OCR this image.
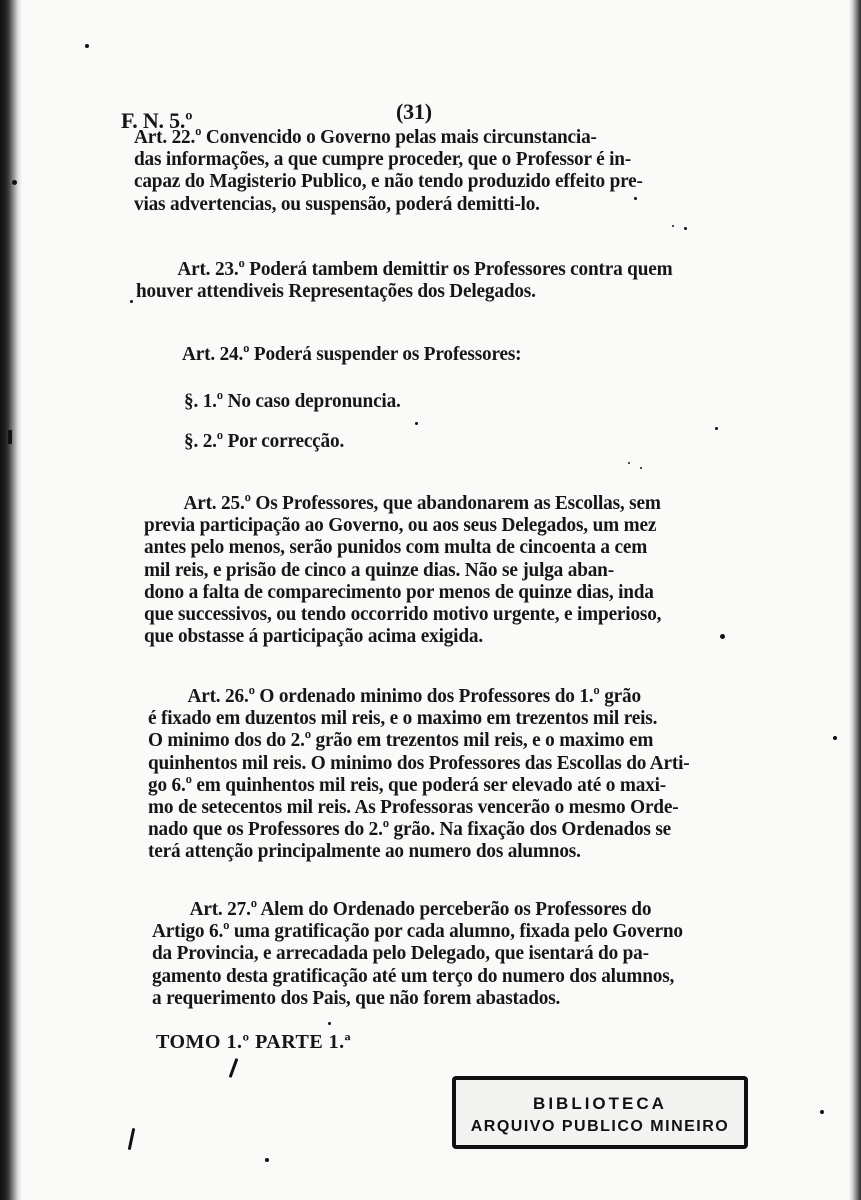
F. N. 5.º	(31)
Art. 22.º Convencido o Governo pelas mais circunstancia-
das informações, a que cumpre proceder, que o Professor é in-
capaz do Magisterio Publico, e não tendo produzido effeito pre-
vias advertencias, ou suspensão, poderá demitti-lo.
Art. 23.º Poderá tambem demittir os Professores contra quem
houver attendiveis Representações dos Delegados.
Art. 24.º Poderá suspender os Professores:
§. 1.º No caso depronuncia.
§. 2.º Por correcção.
Art. 25.º Os Professores, que abandonarem as Escollas, sem
previa participação ao Governo, ou aos seus Delegados, um mez
antes pelo menos, serão punidos com multa de cincoenta a cem
mil reis, e prisão de cinco a quinze dias. Não se julga aban-
dono a falta de comparecimento por menos de quinze dias, inda
que successivos, ou tendo occorrido motivo urgente, e imperioso,
que obstasse á participação acima exigida.
Art. 26.º O ordenado minimo dos Professores do 1.º grão
é fixado em duzentos mil reis, e o maximo em trezentos mil reis.
O minimo dos do 2.º grão em trezentos mil reis, e o maximo em
quinhentos mil reis. O minimo dos Professores das Escollas do Arti-
go 6.º em quinhentos mil reis, que poderá ser elevado até o maxi-
mo de setecentos mil reis. As Professoras vencerão o mesmo Orde-
nado que os Professores do 2.º grão. Na fixação dos Ordenados se
terá attenção principalmente ao numero dos alumnos.
Art. 27.º Alem do Ordenado perceberão os Professores do
Artigo 6.º uma gratificação por cada alumno, fixada pelo Governo
da Provincia, e arrecadada pelo Delegado, que isentará do pa-
gamento desta gratificação até um terço do numero dos alumnos,
a requerimento dos Pais, que não forem abastados.
TOMO 1.º PARTE 1.ª
BIBLIOTECA
ARQUIVO PUBLICO MINEIRO
